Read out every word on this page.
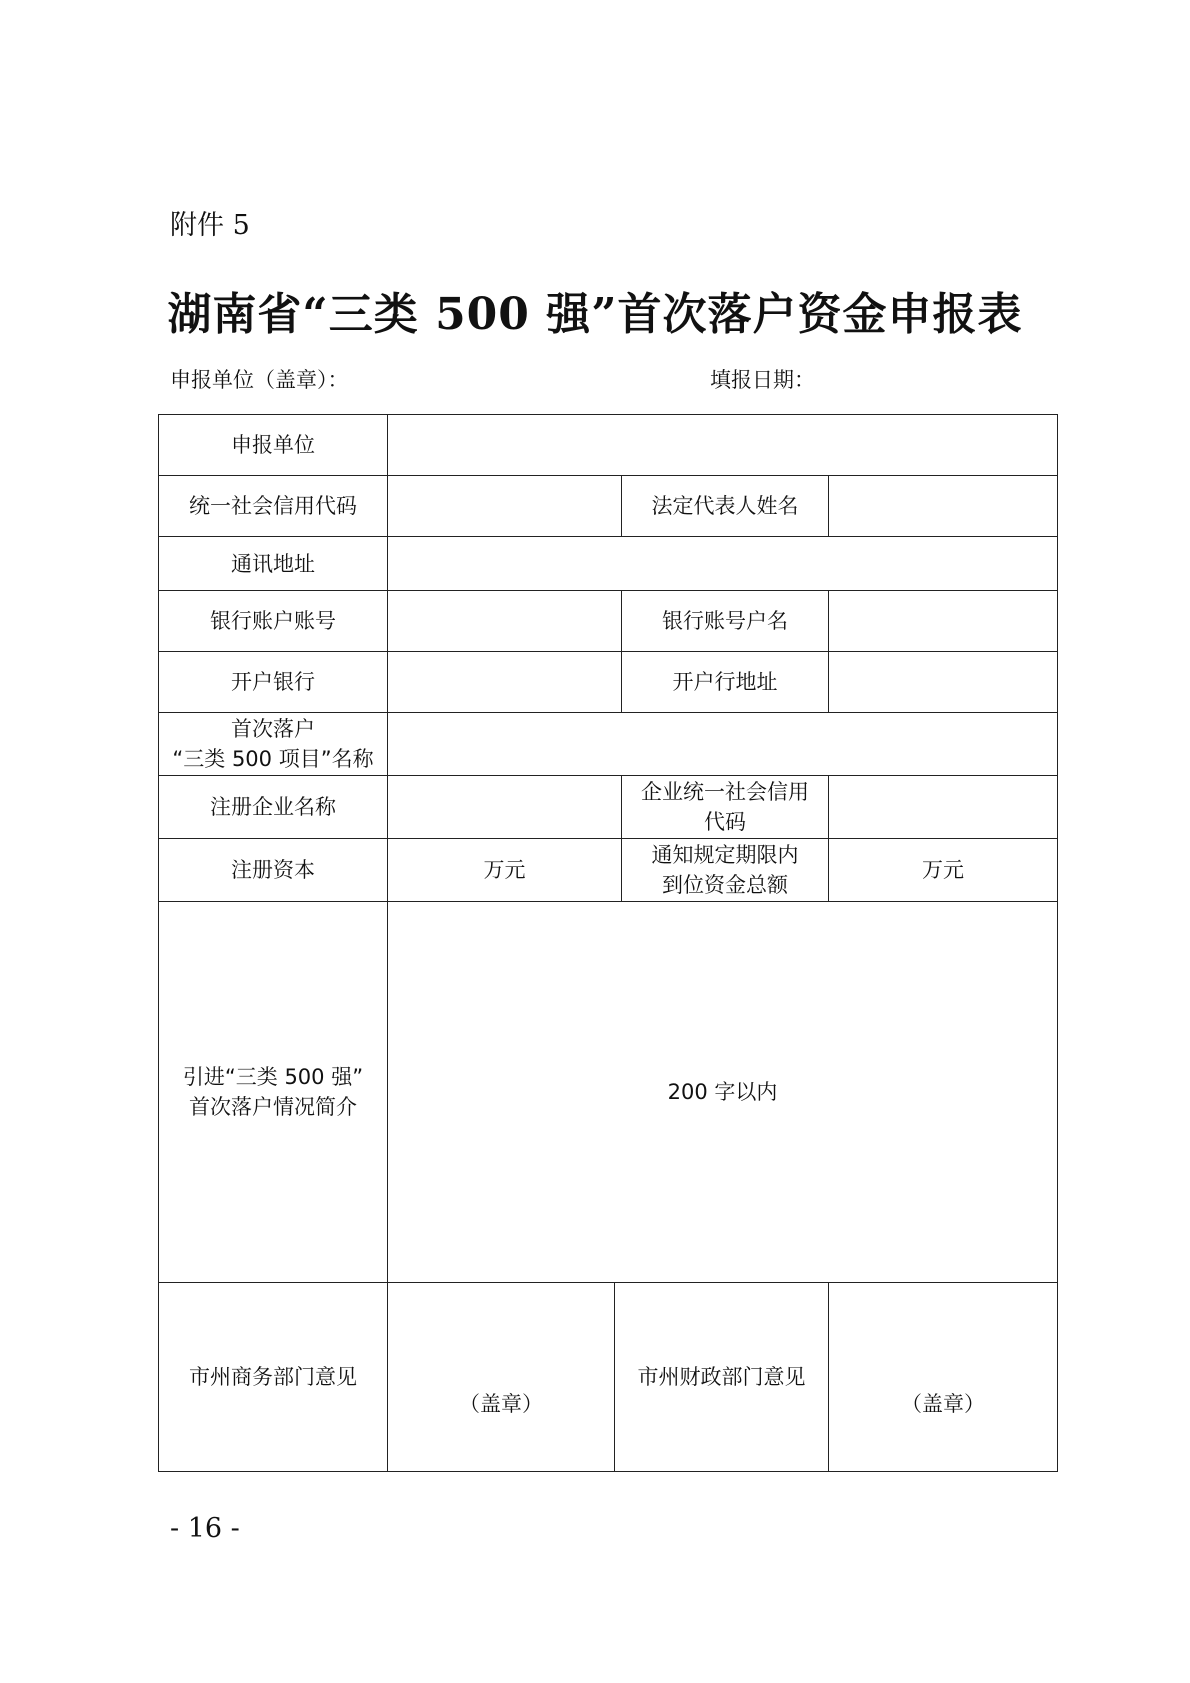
附件 5
湖南省“三类 500 强”首次落户资金申报表
申报单位（盖章）：	填报日期：
申报单位				
统一社会信用代码			法定代表人姓名	
通讯地址				
银行账户账号			银行账号户名	
开户银行			开户行地址	

首次落户
“三类 500 项目”名称				

注册企业名称			企业统一社会信用
代码	

注册资本	万元		通知规定期限内
到位资金总额	万元

引进“三类 500 强”
首次落户情况简介	200 字以内			
市州商务部门意见	（盖章）	市州财政部门意见		（盖章）
- 16 -
